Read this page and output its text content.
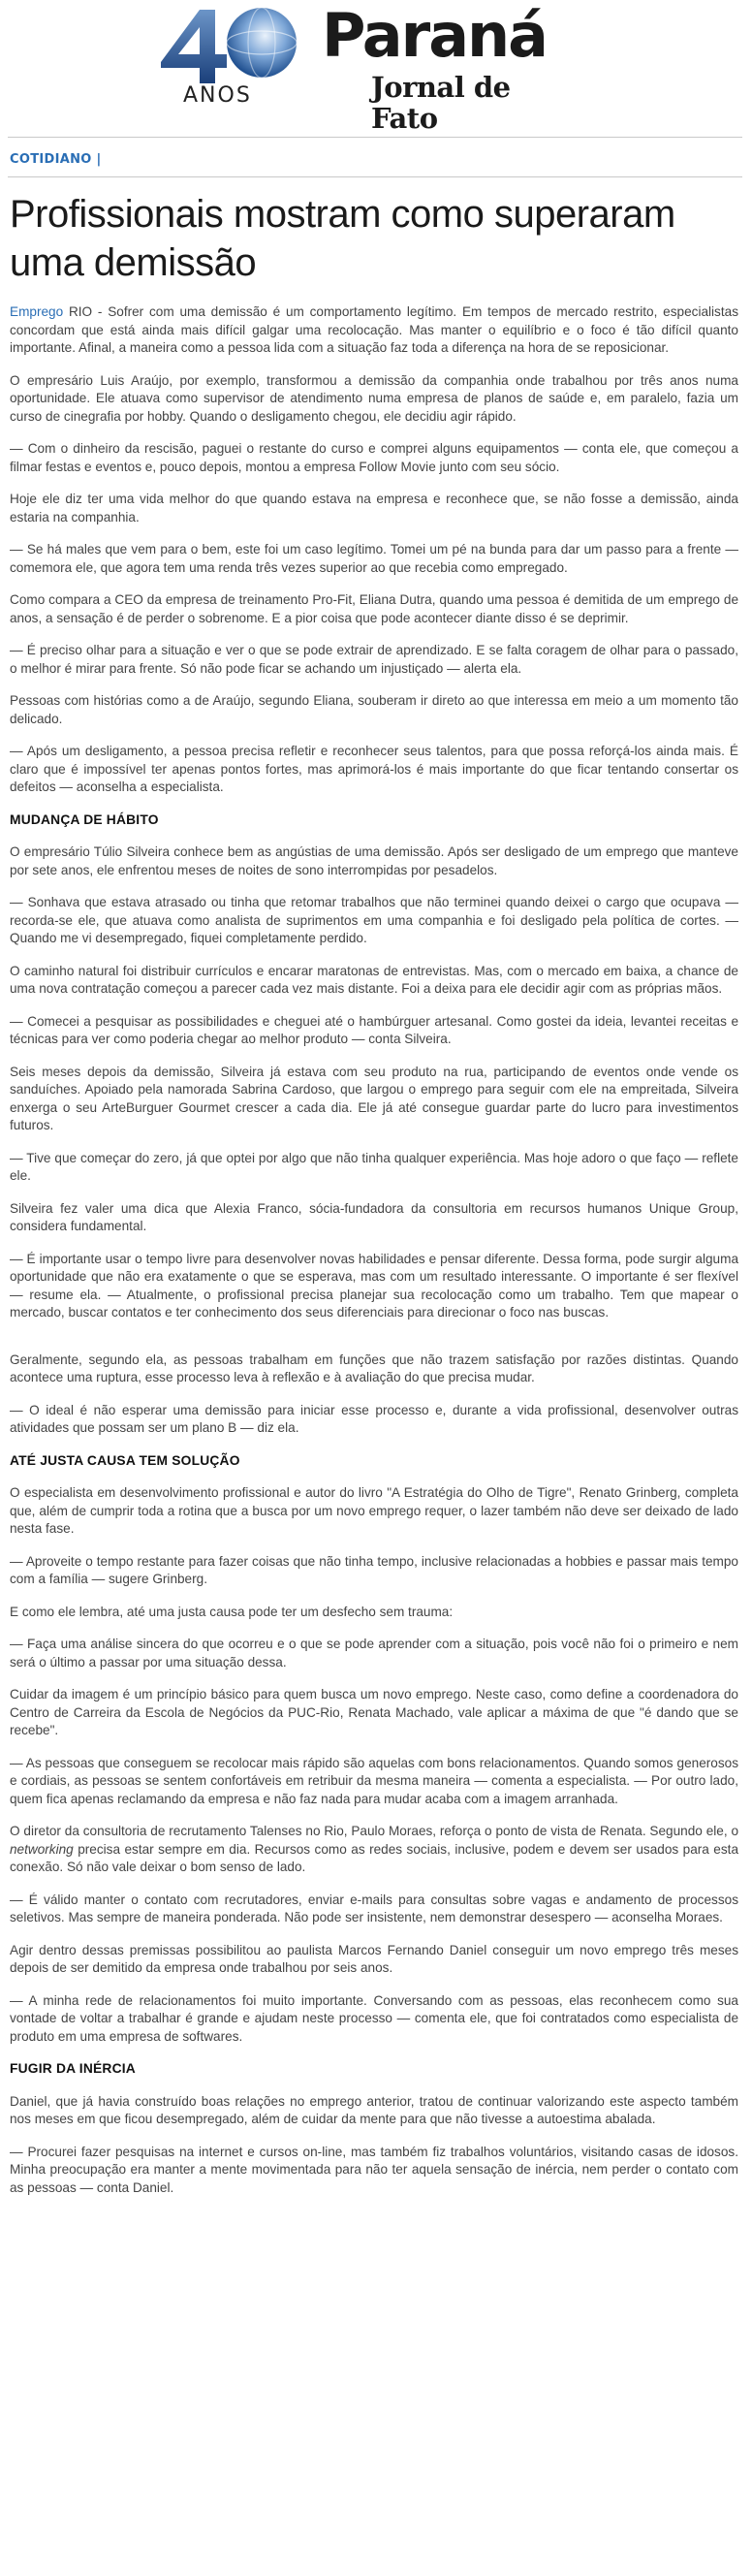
ANOS
Paraná
Jornal de Fato
COTIDIANO |
Profissionais mostram como superaram uma demissão

Emprego RIO - Sofrer com uma demissão é um comportamento legítimo. Em tempos de mercado restrito, especialistas concordam que está ainda mais difícil galgar uma recolocação. Mas manter o equilíbrio e o foco é tão difícil quanto importante. Afinal, a maneira como a pessoa lida com a situação faz toda a diferença na hora de se reposicionar.

O empresário Luis Araújo, por exemplo, transformou a demissão da companhia onde trabalhou por três anos numa oportunidade. Ele atuava como supervisor de atendimento numa empresa de planos de saúde e, em paralelo, fazia um curso de cinegrafia por hobby. Quando o desligamento chegou, ele decidiu agir rápido.

— Com o dinheiro da rescisão, paguei o restante do curso e comprei alguns equipamentos — conta ele, que começou a filmar festas e eventos e, pouco depois, montou a empresa Follow Movie junto com seu sócio.

Hoje ele diz ter uma vida melhor do que quando estava na empresa e reconhece que, se não fosse a demissão, ainda estaria na companhia.

— Se há males que vem para o bem, este foi um caso legítimo. Tomei um pé na bunda para dar um passo para a frente — comemora ele, que agora tem uma renda três vezes superior ao que recebia como empregado.

Como compara a CEO da empresa de treinamento Pro-Fit, Eliana Dutra, quando uma pessoa é demitida de um emprego de anos, a sensação é de perder o sobrenome. E a pior coisa que pode acontecer diante disso é se deprimir.

— É preciso olhar para a situação e ver o que se pode extrair de aprendizado. E se falta coragem de olhar para o passado, o melhor é mirar para frente. Só não pode ficar se achando um injustiçado — alerta ela.

Pessoas com histórias como a de Araújo, segundo Eliana, souberam ir direto ao que interessa em meio a um momento tão delicado.

— Após um desligamento, a pessoa precisa refletir e reconhecer seus talentos, para que possa reforçá-los ainda mais. É claro que é impossível ter apenas pontos fortes, mas aprimorá-los é mais importante do que ficar tentando consertar os defeitos — aconselha a especialista.

MUDANÇA DE HÁBITO

O empresário Túlio Silveira conhece bem as angústias de uma demissão. Após ser desligado de um emprego que manteve por sete anos, ele enfrentou meses de noites de sono interrompidas por pesadelos.

— Sonhava que estava atrasado ou tinha que retomar trabalhos que não terminei quando deixei o cargo que ocupava — recorda-se ele, que atuava como analista de suprimentos em uma companhia e foi desligado pela política de cortes. — Quando me vi desempregado, fiquei completamente perdido.

O caminho natural foi distribuir currículos e encarar maratonas de entrevistas. Mas, com o mercado em baixa, a chance de uma nova contratação começou a parecer cada vez mais distante. Foi a deixa para ele decidir agir com as próprias mãos.

— Comecei a pesquisar as possibilidades e cheguei até o hambúrguer artesanal. Como gostei da ideia, levantei receitas e técnicas para ver como poderia chegar ao melhor produto — conta Silveira.

Seis meses depois da demissão, Silveira já estava com seu produto na rua, participando de eventos onde vende os sanduíches. Apoiado pela namorada Sabrina Cardoso, que largou o emprego para seguir com ele na empreitada, Silveira enxerga o seu ArteBurguer Gourmet crescer a cada dia. Ele já até consegue guardar parte do lucro para investimentos futuros.

— Tive que começar do zero, já que optei por algo que não tinha qualquer experiência. Mas hoje adoro o que faço — reflete ele.

Silveira fez valer uma dica que Alexia Franco, sócia-fundadora da consultoria em recursos humanos Unique Group, considera fundamental.

— É importante usar o tempo livre para desenvolver novas habilidades e pensar diferente. Dessa forma, pode surgir alguma oportunidade que não era exatamente o que se esperava, mas com um resultado interessante. O importante é ser flexível — resume ela. — Atualmente, o profissional precisa planejar sua recolocação como um trabalho. Tem que mapear o mercado, buscar contatos e ter conhecimento dos seus diferenciais para direcionar o foco nas buscas.

Geralmente, segundo ela, as pessoas trabalham em funções que não trazem satisfação por razões distintas. Quando acontece uma ruptura, esse processo leva à reflexão e à avaliação do que precisa mudar.

— O ideal é não esperar uma demissão para iniciar esse processo e, durante a vida profissional, desenvolver outras atividades que possam ser um plano B — diz ela.

ATÉ JUSTA CAUSA TEM SOLUÇÃO

O especialista em desenvolvimento profissional e autor do livro "A Estratégia do Olho de Tigre", Renato Grinberg, completa que, além de cumprir toda a rotina que a busca por um novo emprego requer, o lazer também não deve ser deixado de lado nesta fase.

— Aproveite o tempo restante para fazer coisas que não tinha tempo, inclusive relacionadas a hobbies e passar mais tempo com a família — sugere Grinberg.

E como ele lembra, até uma justa causa pode ter um desfecho sem trauma:

— Faça uma análise sincera do que ocorreu e o que se pode aprender com a situação, pois você não foi o primeiro e nem será o último a passar por uma situação dessa.

Cuidar da imagem é um princípio básico para quem busca um novo emprego. Neste caso, como define a coordenadora do Centro de Carreira da Escola de Negócios da PUC-Rio, Renata Machado, vale aplicar a máxima de que "é dando que se recebe".

— As pessoas que conseguem se recolocar mais rápido são aquelas com bons relacionamentos. Quando somos generosos e cordiais, as pessoas se sentem confortáveis em retribuir da mesma maneira — comenta a especialista. — Por outro lado, quem fica apenas reclamando da empresa e não faz nada para mudar acaba com a imagem arranhada.

O diretor da consultoria de recrutamento Talenses no Rio, Paulo Moraes, reforça o ponto de vista de Renata. Segundo ele, o networking precisa estar sempre em dia. Recursos como as redes sociais, inclusive, podem e devem ser usados para esta conexão. Só não vale deixar o bom senso de lado.

— É válido manter o contato com recrutadores, enviar e-mails para consultas sobre vagas e andamento de processos seletivos. Mas sempre de maneira ponderada. Não pode ser insistente, nem demonstrar desespero — aconselha Moraes.

Agir dentro dessas premissas possibilitou ao paulista Marcos Fernando Daniel conseguir um novo emprego três meses depois de ser demitido da empresa onde trabalhou por seis anos.

— A minha rede de relacionamentos foi muito importante. Conversando com as pessoas, elas reconhecem como sua vontade de voltar a trabalhar é grande e ajudam neste processo — comenta ele, que foi contratados como especialista de produto em uma empresa de softwares.

FUGIR DA INÉRCIA

Daniel, que já havia construído boas relações no emprego anterior, tratou de continuar valorizando este aspecto também nos meses em que ficou desempregado, além de cuidar da mente para que não tivesse a autoestima abalada.

— Procurei fazer pesquisas na internet e cursos on-line, mas também fiz trabalhos voluntários, visitando casas de idosos. Minha preocupação era manter a mente movimentada para não ter aquela sensação de inércia, nem perder o contato com as pessoas — conta Daniel.
